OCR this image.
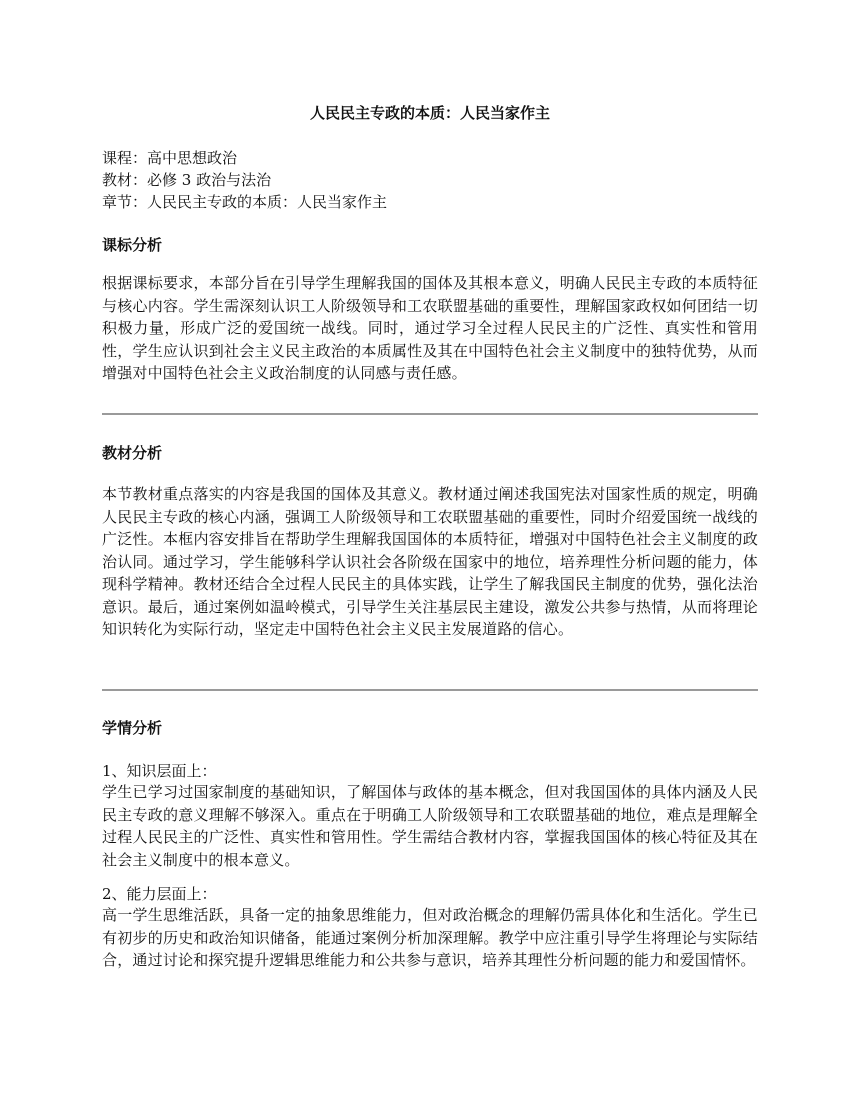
人民民主专政的本质：人民当家作主
课程：高中思想政治
教材：必修 3 政治与法治
章节：人民民主专政的本质：人民当家作主
课标分析

根据课标要求，本部分旨在引导学生理解我国的国体及其根本意义，明确人民民主专政的本质特征与核心内容。学生需深刻认识工人阶级领导和工农联盟基础的重要性，理解国家政权如何团结一切积极力量，形成广泛的爱国统一战线。同时，通过学习全过程人民民主的广泛性、真实性和管用性，学生应认识到社会主义民主政治的本质属性及其在中国特色社会主义制度中的独特优势，从而增强对中国特色社会主义政治制度的认同感与责任感。

教材分析

本节教材重点落实的内容是我国的国体及其意义。教材通过阐述我国宪法对国家性质的规定，明确人民民主专政的核心内涵，强调工人阶级领导和工农联盟基础的重要性，同时介绍爱国统一战线的广泛性。本框内容安排旨在帮助学生理解我国国体的本质特征，增强对中国特色社会主义制度的政治认同。通过学习，学生能够科学认识社会各阶级在国家中的地位，培养理性分析问题的能力，体现科学精神。教材还结合全过程人民民主的具体实践，让学生了解我国民主制度的优势，强化法治意识。最后，通过案例如温岭模式，引导学生关注基层民主建设，激发公共参与热情，从而将理论知识转化为实际行动，坚定走中国特色社会主义民主发展道路的信心。

学情分析
1、知识层面上：

学生已学习过国家制度的基础知识，了解国体与政体的基本概念，但对我国国体的具体内涵及人民民主专政的意义理解不够深入。重点在于明确工人阶级领导和工农联盟基础的地位，难点是理解全过程人民民主的广泛性、真实性和管用性。学生需结合教材内容，掌握我国国体的核心特征及其在社会主义制度中的根本意义。

2、能力层面上：

高一学生思维活跃，具备一定的抽象思维能力，但对政治概念的理解仍需具体化和生活化。学生已有初步的历史和政治知识储备，能通过案例分析加深理解。教学中应注重引导学生将理论与实际结合，通过讨论和探究提升逻辑思维能力和公共参与意识，培养其理性分析问题的能力和爱国情怀。
